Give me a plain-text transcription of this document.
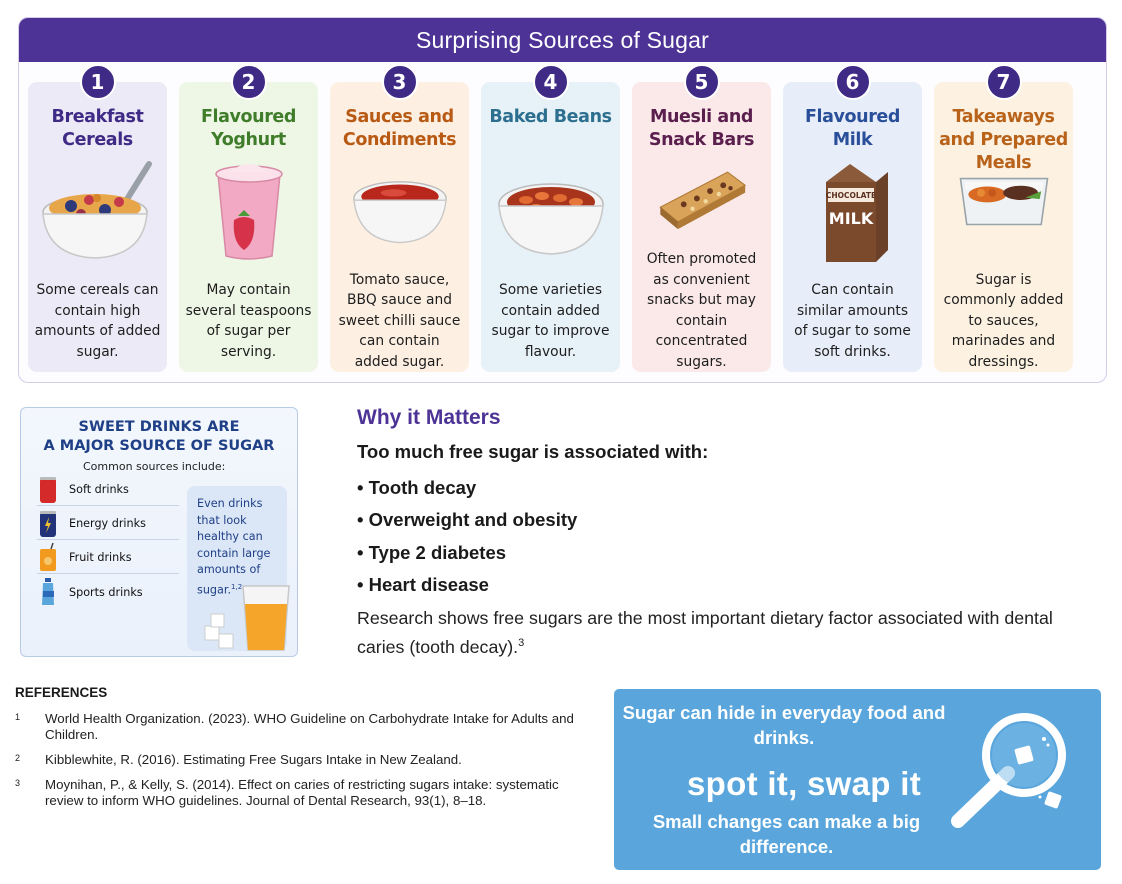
Surprising Sources of Sugar
1
Breakfast Cereals
Some cereals can contain high amounts of added sugar.
2
Flavoured Yoghurt
May contain several teaspoons of sugar per serving.
3
Sauces and Condiments
Tomato sauce, BBQ sauce and sweet chilli sauce can contain added sugar.
4
Baked Beans
Some varieties contain added sugar to improve flavour.
5
Muesli and Snack Bars
Often promoted as convenient snacks but may contain concentrated sugars.
6
Flavoured Milk
CHOCOLATE
MILK
Can contain similar amounts of sugar to some soft drinks.
7
Takeaways and Prepared Meals
Sugar is commonly added to sauces, marinades and dressings.
SWEET DRINKS ARE
A MAJOR SOURCE OF SUGAR
Common sources include:
Soft drinks
Energy drinks
Fruit drinks
Sports drinks
Even drinks that look healthy can contain large amounts of sugar.$^{1,2}$
Why it Matters
Too much free sugar is associated with:
• Tooth decay
• Overweight and obesity
• Type 2 diabetes
• Heart disease
Research shows free sugars are the most important dietary factor associated with dental caries (tooth decay).$^3$
REFERENCES
1	World Health Organization. (2023). WHO Guideline on Carbohydrate Intake for Adults and Children.
2	Kibblewhite, R. (2016). Estimating Free Sugars Intake in New Zealand.
3	Moynihan, P., & Kelly, S. (2014). Effect on caries of restricting sugars intake: systematic review to inform WHO guidelines. Journal of Dental Research, 93(1), 8–18.
Sugar can hide in everyday food and drinks.
spot it, swap it
Small changes can make a big difference.
